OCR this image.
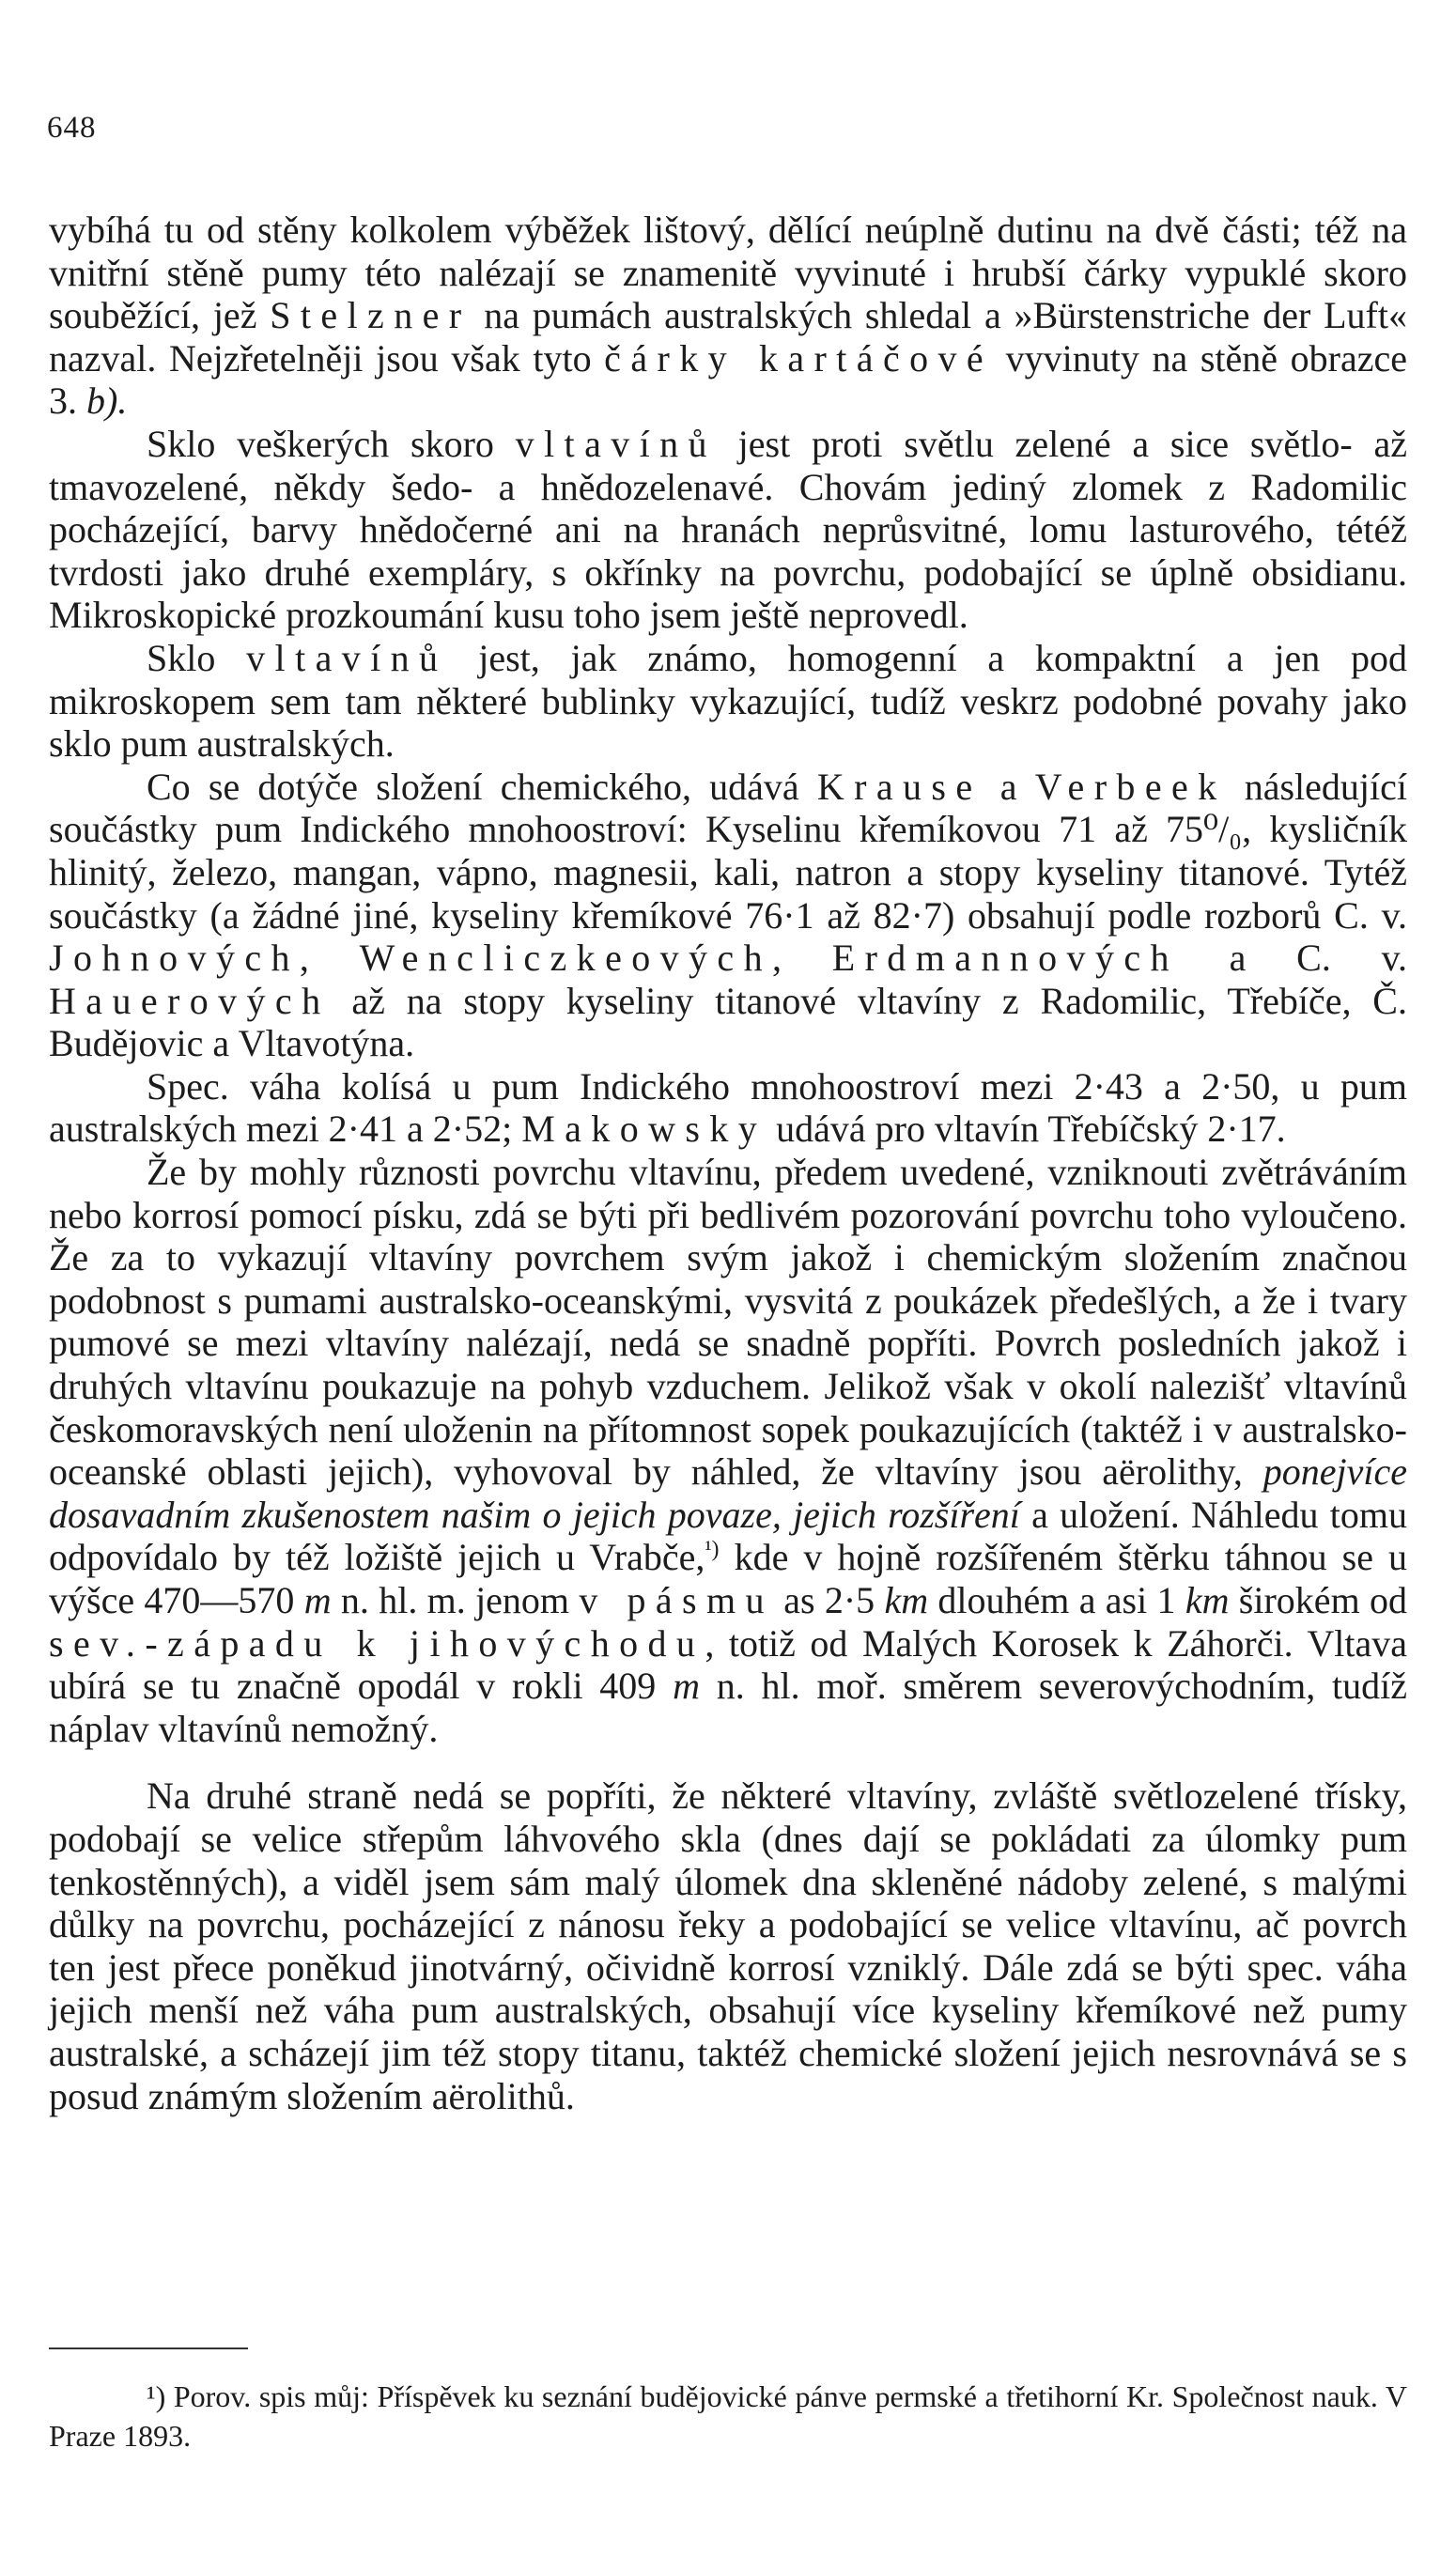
648

vybíhá tu od stěny kolkolem výběžek lištový, dělící neúplně dutinu na dvě části; též na vnitřní stěně pumy této nalézají se znamenitě vyvinuté i hrubší čárky vypuklé skoro souběžící, jež Stelzner na pumách australských shledal a »Bürstenstriche der Luft« nazval. Nejzřetelněji jsou však tyto čárky kartáčové vyvinuty na stěně obrazce 3. b).

Sklo veškerých skoro vltavínů jest proti světlu zelené a sice světlo- až tmavozelené, někdy šedo- a hnědozelenavé. Chovám jediný zlomek z Radomilic pocházející, barvy hnědočerné ani na hranách neprůsvitné, lomu lasturového, tétéž tvrdosti jako druhé exempláry, s okřínky na povrchu, podobající se úplně obsidianu. Mikroskopické prozkoumání kusu toho jsem ještě neprovedl.

Sklo vltavínů jest, jak známo, homogenní a kompaktní a jen pod mikroskopem sem tam některé bublinky vykazující, tudíž veskrz podobné povahy jako sklo pum australských.

Co se dotýče složení chemického, udává Krause a Verbeek následující součástky pum Indického mnohoostroví: Kyselinu křemíkovou 71 až 75⁰/₀, kysličník hlinitý, železo, mangan, vápno, magnesii, kali, natron a stopy kyseliny titanové. Tytéž součástky (a žádné jiné, kyseliny křemíkové 76·1 až 82·7) obsahují podle rozborů C. v. Johnových, Wencliczkeových, Erdmannových a C. v. Hauerových až na stopy kyseliny titanové vltavíny z Radomilic, Třebíče, Č. Budějovic a Vltavotýna.

Spec. váha kolísá u pum Indického mnohoostroví mezi 2·43 a 2·50, u pum australských mezi 2·41 a 2·52; Makowsky udává pro vltavín Třebíčský 2·17.

Že by mohly různosti povrchu vltavínu, předem uvedené, vzniknouti zvětráváním nebo korrosí pomocí písku, zdá se býti při bedlivém pozorování povrchu toho vyloučeno. Že za to vykazují vltavíny povrchem svým jakož i chemickým složením značnou podobnost s pumami australsko-oceanskými, vysvitá z poukázek předešlých, a že i tvary pumové se mezi vltavíny nalézají, nedá se snadně popříti. Povrch posledních jakož i druhých vltavínu poukazuje na pohyb vzduchem. Jelikož však v okolí nalezišť vltavínů českomoravských není uloženin na přítomnost sopek poukazujících (taktéž i v australsko-oceanské oblasti jejich), vyhovoval by náhled, že vltavíny jsou aërolithy, ponejvíce dosavadním zkušenostem našim o jejich povaze, jejich rozšíření a uložení. Náhledu tomu odpovídalo by též ložiště jejich u Vrabče,$^{^1)}$ kde v hojně rozšířeném štěrku táhnou se u výšce 470—570 m n. hl. m. jenom v pásmu as 2·5 km dlouhém a asi 1 km širokém od sev.-západu k jihovýchodu, totiž od Malých Korosek k Záhorči. Vltava ubírá se tu značně opodál v rokli 409 m n. hl. moř. směrem severovýchodním, tudíž náplav vltavínů nemožný.

Na druhé straně nedá se popříti, že některé vltavíny, zvláště světlozelené třísky, podobají se velice střepům láhvového skla (dnes dají se pokládati za úlomky pum tenkostěnných), a viděl jsem sám malý úlomek dna skleněné nádoby zelené, s malými důlky na povrchu, pocházející z nánosu řeky a podobající se velice vltavínu, ač povrch ten jest přece poněkud jinotvárný, očividně korrosí vzniklý. Dále zdá se býti spec. váha jejich menší než váha pum australských, obsahují více kyseliny křemíkové než pumy australské, a scházejí jim též stopy titanu, taktéž chemické složení jejich nesrovnává se s posud známým složením aërolithů.

¹) Porov. spis můj: Příspěvek ku seznání budějovické pánve permské a třetihorní Kr. Společnost nauk. V Praze 1893.
